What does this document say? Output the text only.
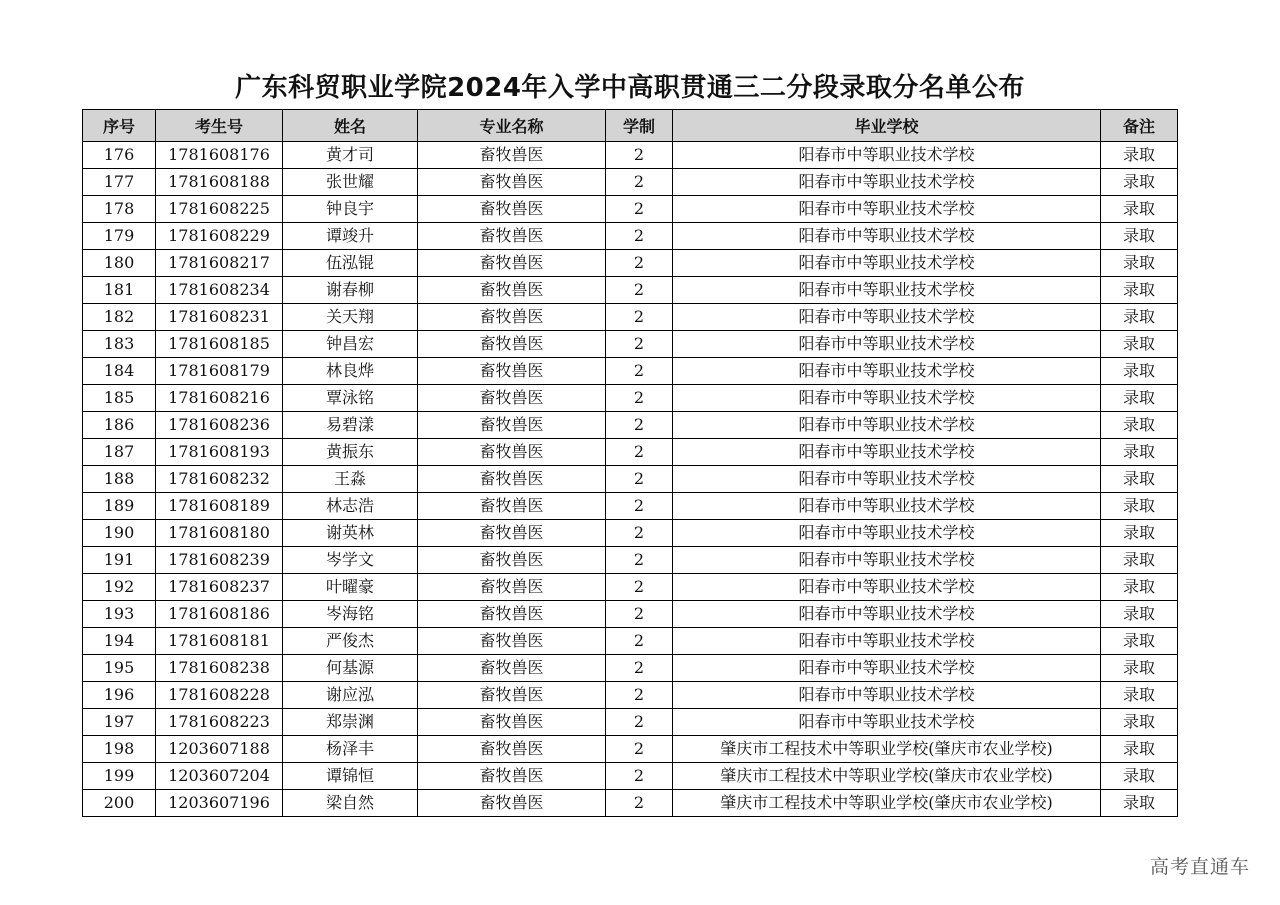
广东科贸职业学院2024年入学中高职贯通三二分段录取分名单公布
序号	考生号	姓名	专业名称	学制	毕业学校	备注
176	1781608176	黄才司	畜牧兽医	2	阳春市中等职业技术学校	录取
177	1781608188	张世耀	畜牧兽医	2	阳春市中等职业技术学校	录取
178	1781608225	钟良宇	畜牧兽医	2	阳春市中等职业技术学校	录取
179	1781608229	谭竣升	畜牧兽医	2	阳春市中等职业技术学校	录取
180	1781608217	伍泓锟	畜牧兽医	2	阳春市中等职业技术学校	录取
181	1781608234	谢春柳	畜牧兽医	2	阳春市中等职业技术学校	录取
182	1781608231	关天翔	畜牧兽医	2	阳春市中等职业技术学校	录取
183	1781608185	钟昌宏	畜牧兽医	2	阳春市中等职业技术学校	录取
184	1781608179	林良烨	畜牧兽医	2	阳春市中等职业技术学校	录取
185	1781608216	覃泳铭	畜牧兽医	2	阳春市中等职业技术学校	录取
186	1781608236	易碧漾	畜牧兽医	2	阳春市中等职业技术学校	录取
187	1781608193	黄振东	畜牧兽医	2	阳春市中等职业技术学校	录取
188	1781608232	王淼	畜牧兽医	2	阳春市中等职业技术学校	录取
189	1781608189	林志浩	畜牧兽医	2	阳春市中等职业技术学校	录取
190	1781608180	谢英林	畜牧兽医	2	阳春市中等职业技术学校	录取
191	1781608239	岑学文	畜牧兽医	2	阳春市中等职业技术学校	录取
192	1781608237	叶曜豪	畜牧兽医	2	阳春市中等职业技术学校	录取
193	1781608186	岑海铭	畜牧兽医	2	阳春市中等职业技术学校	录取
194	1781608181	严俊杰	畜牧兽医	2	阳春市中等职业技术学校	录取
195	1781608238	何基源	畜牧兽医	2	阳春市中等职业技术学校	录取
196	1781608228	谢应泓	畜牧兽医	2	阳春市中等职业技术学校	录取
197	1781608223	郑崇渊	畜牧兽医	2	阳春市中等职业技术学校	录取
198	1203607188	杨泽丰	畜牧兽医	2	肇庆市工程技术中等职业学校(肇庆市农业学校)	录取
199	1203607204	谭锦恒	畜牧兽医	2	肇庆市工程技术中等职业学校(肇庆市农业学校)	录取
200	1203607196	梁自然	畜牧兽医	2	肇庆市工程技术中等职业学校(肇庆市农业学校)	录取
高考直通车
